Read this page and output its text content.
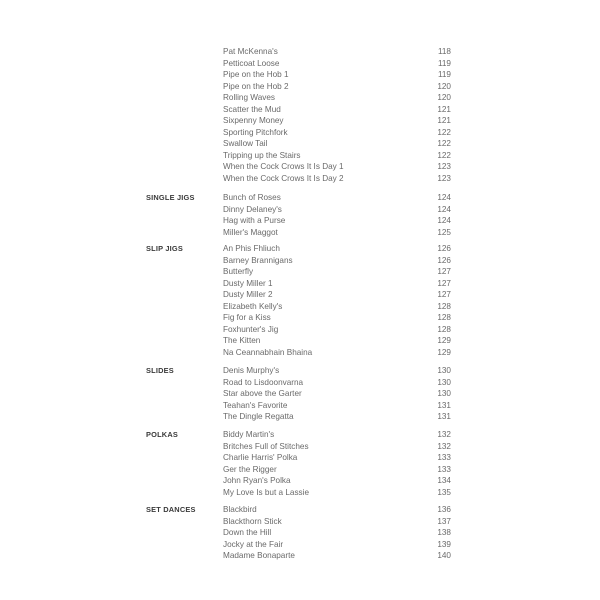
Pat McKenna's	118
Petticoat Loose	119
Pipe on the Hob 1	119
Pipe on the Hob 2	120
Rolling Waves	120
Scatter the Mud	121
Sixpenny Money	121
Sporting Pitchfork	122
Swallow Tail	122
Tripping up the Stairs	122
When the Cock Crows It Is Day 1	123
When the Cock Crows It Is Day 2	123
SINGLE JIGS	Bunch of Roses	124
Dinny Delaney's	124
Hag with a Purse	124
Miller's Maggot	125
SLIP JIGS	An Phis Fhliuch	126
Barney Brannigans	126
Butterfly	127
Dusty Miller 1	127
Dusty Miller 2	127
Elizabeth Kelly's	128
Fig for a Kiss	128
Foxhunter's Jig	128
The Kitten	129
Na Ceannabhain Bhaina	129
SLIDES	Denis Murphy's	130
Road to Lisdoonvarna	130
Star above the Garter	130
Teahan's Favorite	131
The Dingle Regatta	131
POLKAS	Biddy Martin's	132
Britches Full of Stitches	132
Charlie Harris' Polka	133
Ger the Rigger	133
John Ryan's Polka	134
My Love Is but a Lassie	135
SET DANCES	Blackbird	136
Blackthorn Stick	137
Down the Hill	138
Jocky at the Fair	139
Madame Bonaparte	140
